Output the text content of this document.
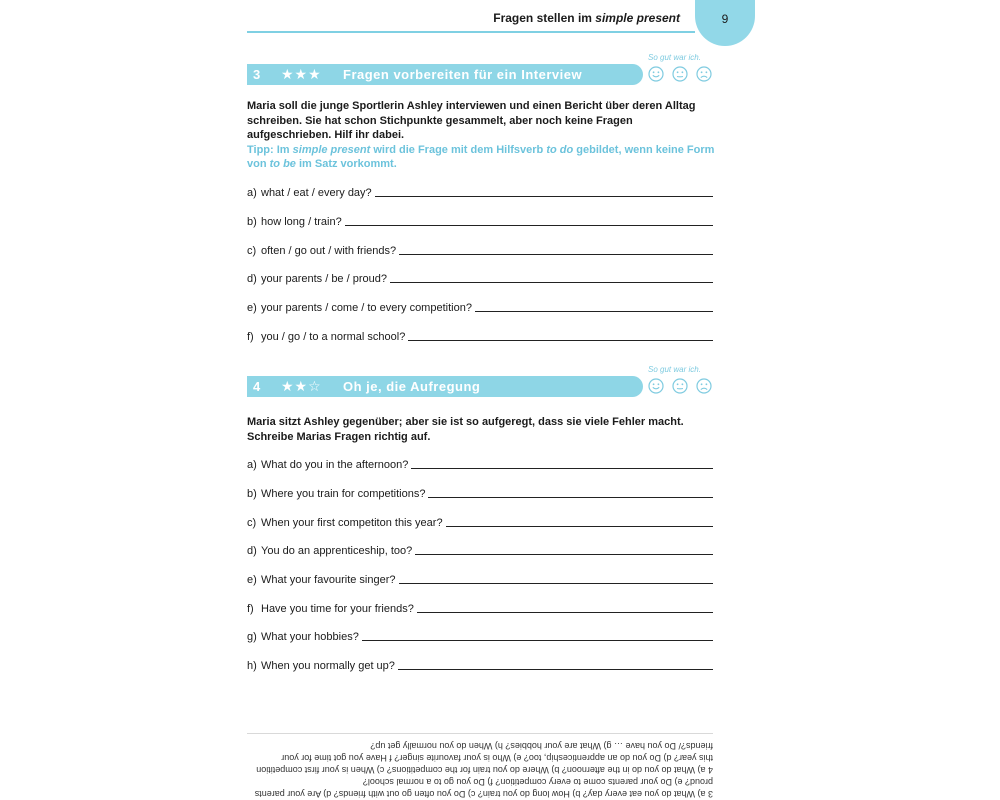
Fragen stellen im simple present	9
3	★★★	Fragen vorbereiten für ein Interview
So gut war ich.
Maria soll die junge Sportlerin Ashley interviewen und einen Bericht über deren Alltag schreiben. Sie hat schon Stichpunkte gesammelt, aber noch keine Fragen aufgeschrieben. Hilf ihr dabei.
Tipp: Im simple present wird die Frage mit dem Hilfsverb to do gebildet, wenn keine Form von to be im Satz vorkommt.
a) what / eat / every day?
b) how long / train?
c) often / go out / with friends?
d) your parents / be / proud?
e) your parents / come / to every competition?
f) you / go / to a normal school?
4	★★☆	Oh je, die Aufregung
So gut war ich.
Maria sitzt Ashley gegenüber; aber sie ist so aufgeregt, dass sie viele Fehler macht. Schreibe Marias Fragen richtig auf.
a) What do you in the afternoon?
b) Where you train for competitions?
c) When your first competiton this year?
d) You do an apprenticeship, too?
e) What your favourite singer?
f) Have you time for your friends?
g) What your hobbies?
h) When you normally get up?

3 a) What do you eat every day? b) How long do you train? c) Do you often go out with friends? d) Are your parents

proud? e) Do your parents come to every competition? f) Do you go to a normal school?

4 a) What do you do in the afternoon? b) Where do you train for the competitions? c) When is your first competition

this year? d) Do you do an apprenticeship, too? e) Who is your favourite singer? f Have you got time for your

friends?/ Do you have … g) What are your hobbies? h) When do you normally get up?
